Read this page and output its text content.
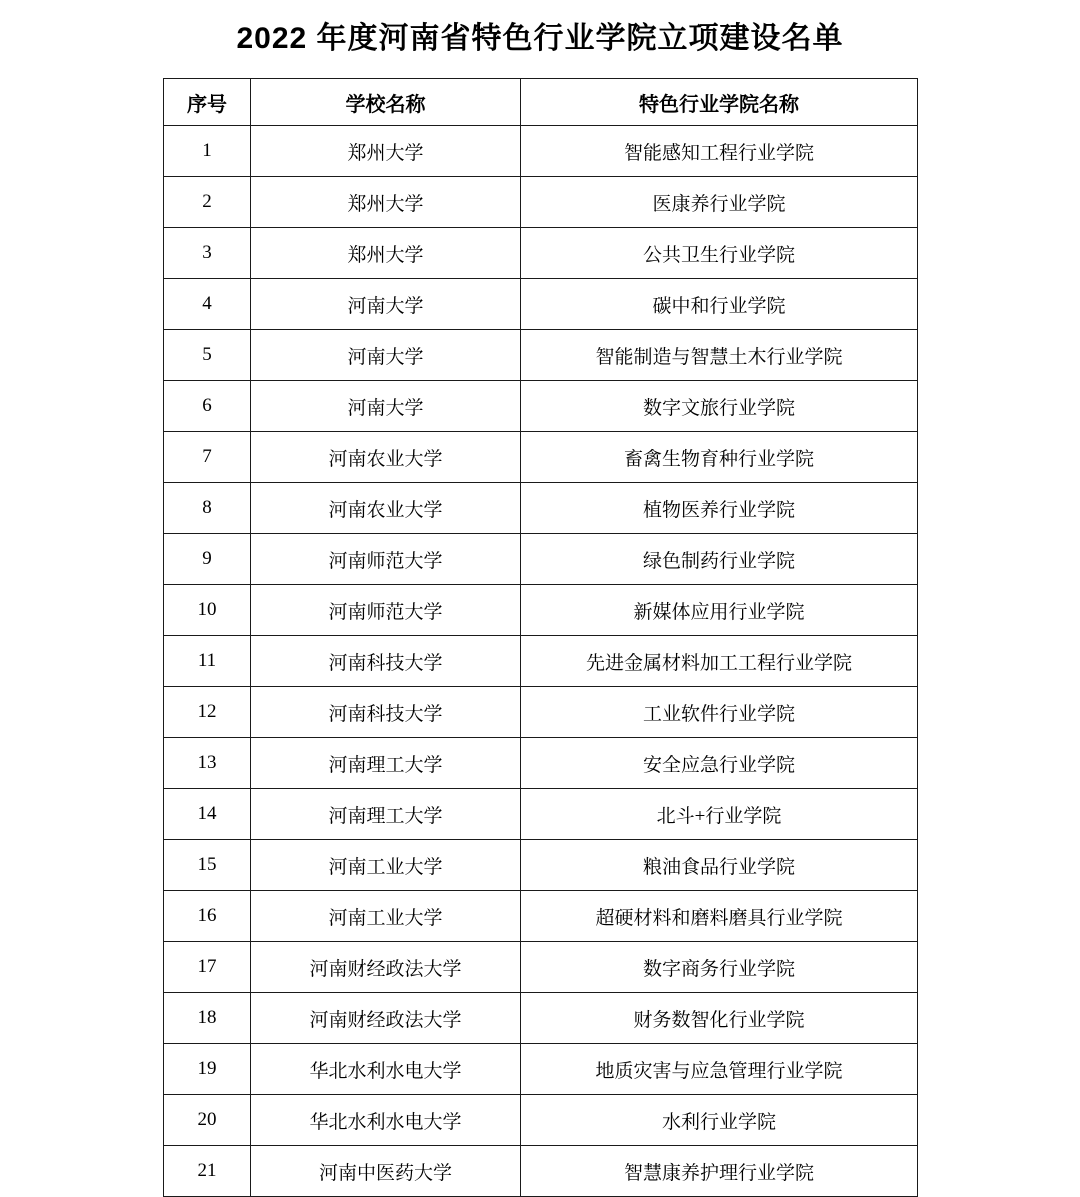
2022 年度河南省特色行业学院立项建设名单
序号	学校名称	特色行业学院名称
1	郑州大学	智能感知工程行业学院
2	郑州大学	医康养行业学院
3	郑州大学	公共卫生行业学院
4	河南大学	碳中和行业学院
5	河南大学	智能制造与智慧土木行业学院
6	河南大学	数字文旅行业学院
7	河南农业大学	畜禽生物育种行业学院
8	河南农业大学	植物医养行业学院
9	河南师范大学	绿色制药行业学院
10	河南师范大学	新媒体应用行业学院
11	河南科技大学	先进金属材料加工工程行业学院
12	河南科技大学	工业软件行业学院
13	河南理工大学	安全应急行业学院
14	河南理工大学	北斗+行业学院
15	河南工业大学	粮油食品行业学院
16	河南工业大学	超硬材料和磨料磨具行业学院
17	河南财经政法大学	数字商务行业学院
18	河南财经政法大学	财务数智化行业学院
19	华北水利水电大学	地质灾害与应急管理行业学院
20	华北水利水电大学	水利行业学院
21	河南中医药大学	智慧康养护理行业学院
